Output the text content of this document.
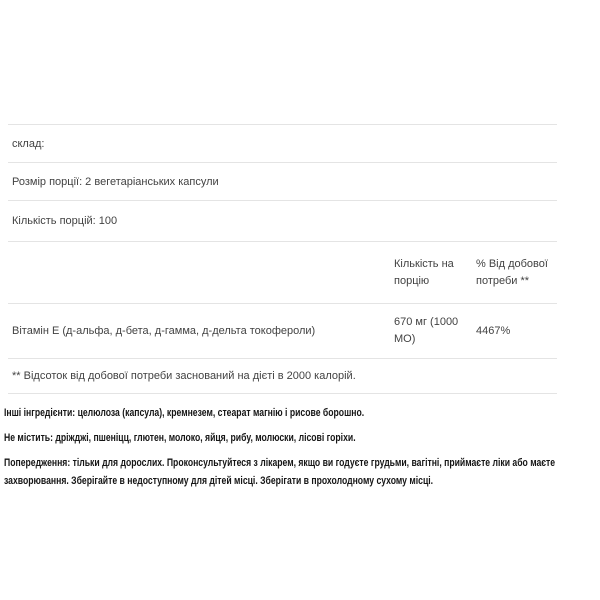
склад:
Розмір порції: 2 вегетаріанських капсули
Кількість порцій: 100
Кількість на порцію
% Від добової потреби **
Вітамін E (д-альфа, д-бета, д-гамма, д-дельта токофероли)
670 мг (1000 МО)
4467%
** Відсоток від добової потреби заснований на дієті в 2000 калорій.

Інші інгредієнти: целюлоза (капсула), кремнезем, стеарат магнію і рисове борошно.

Не містить: дріжджі, пшеніцц, глютен, молоко, яйця, рибу, молюски, лісові горіхи.

Попередження: тільки для дорослих. Проконсультуйтеся з лікарем, якщо ви годуєте грудьми, вагітні, приймаєте ліки або маєте захворювання. Зберігайте в недоступному для дітей місці. Зберігати в прохолодному сухому місці.
